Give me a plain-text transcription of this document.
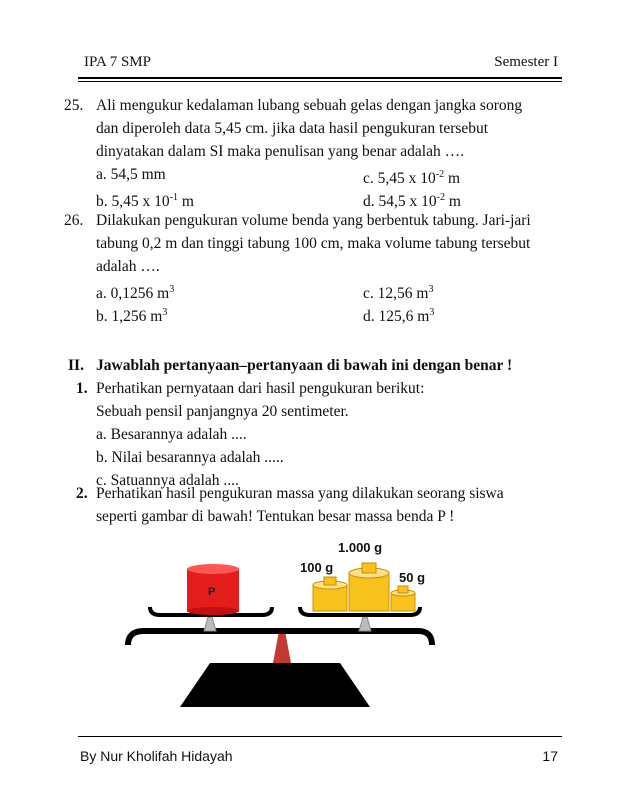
IPA 7 SMP	Semester I
25. Ali mengukur kedalaman lubang sebuah gelas dengan jangka sorong
dan diperoleh data 5,45 cm. jika data hasil pengukuran tersebut
dinyatakan dalam SI maka penulisan yang benar adalah ….
a. 54,5 mm	c. 5,45 x $10^{-2}$ m
b. 5,45 x $10^{-1}$ m	d. 54,5 x $10^{-2}$ m
26. Dilakukan pengukuran volume benda yang berbentuk tabung. Jari-jari
tabung 0,2 m dan tinggi tabung 100 cm, maka volume tabung tersebut
adalah ….
a. 0,1256 $m^3$	c. 12,56 $m^3$
b. 1,256 $m^3$	d. 125,6 $m^3$
II. Jawablah pertanyaan–pertanyaan di bawah ini dengan benar !
1. Perhatikan pernyataan dari hasil pengukuran berikut:
Sebuah pensil panjangnya 20 sentimeter.
a. Besarannya adalah ....
b. Nilai besarannya adalah .....
c. Satuannya adalah ....
2. Perhatikan hasil pengukuran massa yang dilakukan seorang siswa
seperti gambar di bawah! Tentukan besar massa benda P !
P
1.000 g
100 g
50 g
By Nur Kholifah Hidayah	17
